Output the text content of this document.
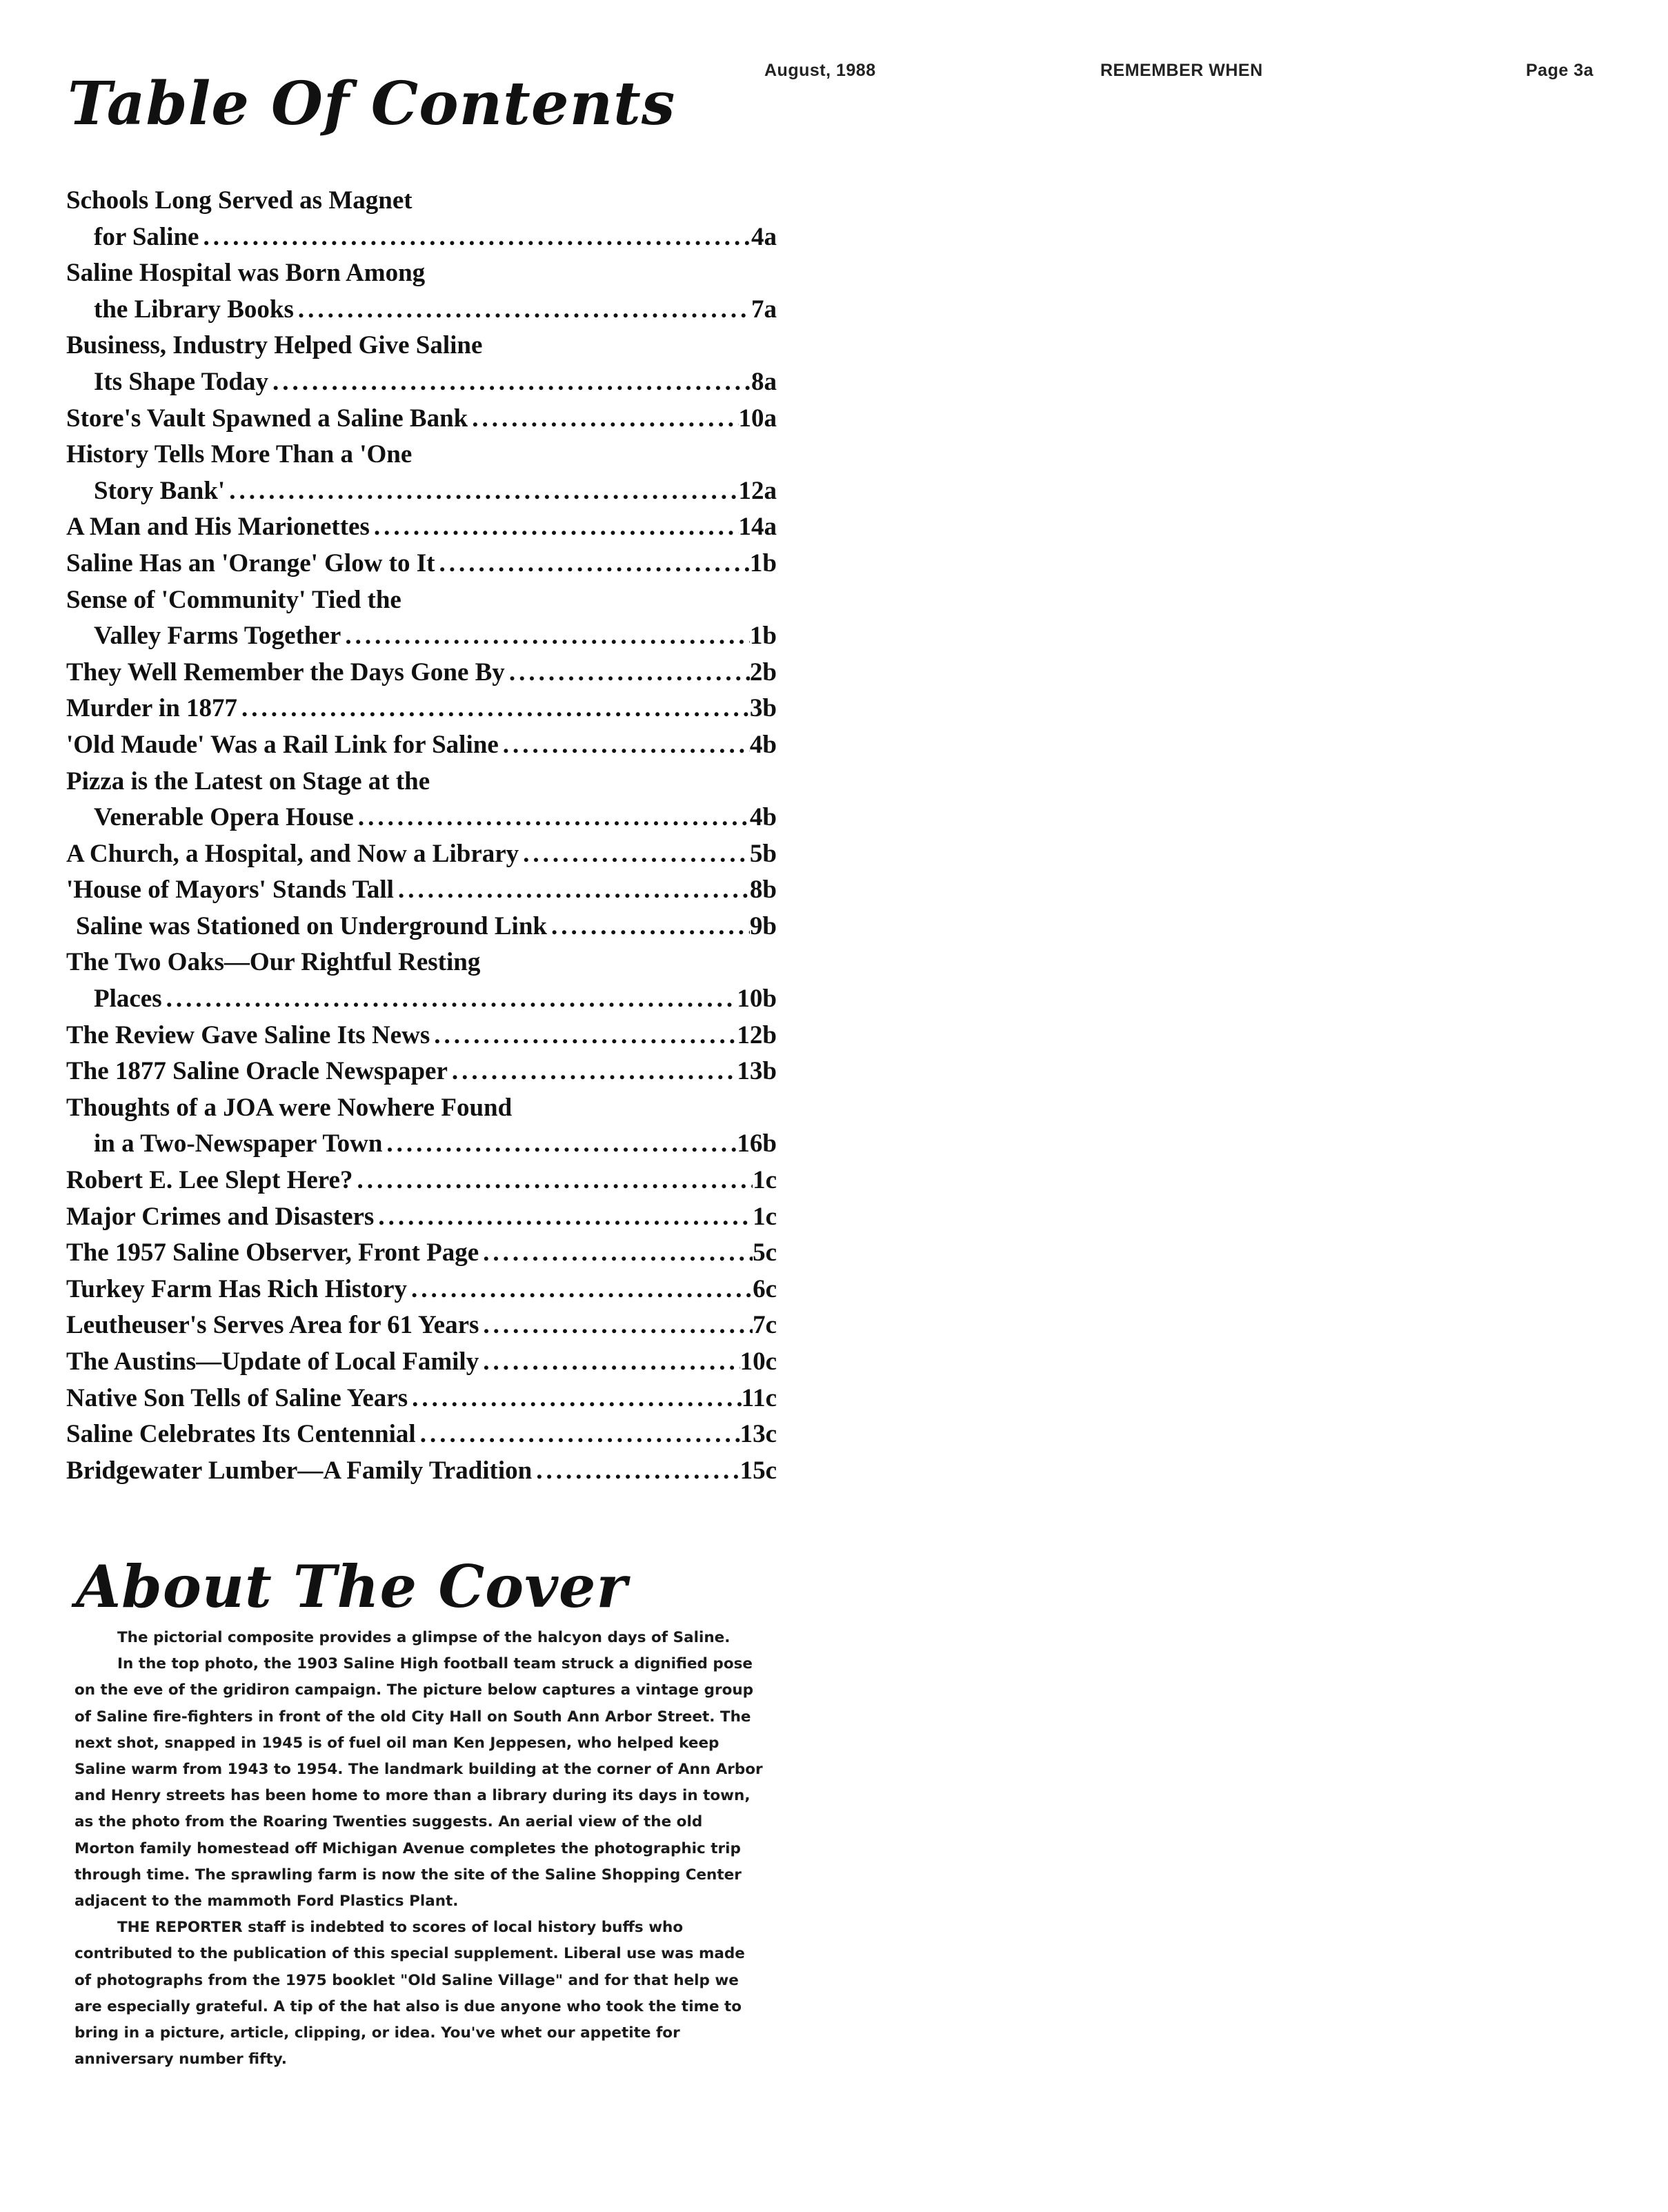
August, 1988	REMEMBER WHEN	Page 3a
Table Of Contents
Schools Long Served as Magnet
for Saline .....	4a
Saline Hospital was Born Among
the Library Books .....	7a
Business, Industry Helped Give Saline
Its Shape Today .....	8a
Store's Vault Spawned a Saline Bank .....	10a
History Tells More Than a 'One
Story Bank' .....	12a
A Man and His Marionettes .....	14a
Saline Has an 'Orange' Glow to It .....	1b
Sense of 'Community' Tied the
Valley Farms Together .....	1b
They Well Remember the Days Gone By .....	2b
Murder in 1877 .....	3b
'Old Maude' Was a Rail Link for Saline .....	4b
Pizza is the Latest on Stage at the
Venerable Opera House .....	4b
A Church, a Hospital, and Now a Library .....	5b
'House of Mayors' Stands Tall .....	8b
Saline was Stationed on Underground Link .....	9b
The Two Oaks—Our Rightful Resting
Places .....	10b
The Review Gave Saline Its News .....	12b
The 1877 Saline Oracle Newspaper .....	13b
Thoughts of a JOA were Nowhere Found
in a Two-Newspaper Town .....	16b
Robert E. Lee Slept Here? .....	1c
Major Crimes and Disasters .....	1c
The 1957 Saline Observer, Front Page .....	5c
Turkey Farm Has Rich History .....	6c
Leutheuser's Serves Area for 61 Years .....	7c
The Austins—Update of Local Family .....	10c
Native Son Tells of Saline Years .....	11c
Saline Celebrates Its Centennial .....	13c
Bridgewater Lumber—A Family Tradition .....	15c
About The Cover

The pictorial composite provides a glimpse of the halcyon days of Saline.

In the top photo, the 1903 Saline High football team struck a dignified pose on the eve of the gridiron campaign. The picture below captures a vintage group of Saline fire-fighters in front of the old City Hall on South Ann Arbor Street. The next shot, snapped in 1945 is of fuel oil man Ken Jeppesen, who helped keep Saline warm from 1943 to 1954. The landmark building at the corner of Ann Arbor and Henry streets has been home to more than a library during its days in town, as the photo from the Roaring Twenties suggests. An aerial view of the old Morton family homestead off Michigan Avenue completes the photographic trip through time. The sprawling farm is now the site of the Saline Shopping Center adjacent to the mammoth Ford Plastics Plant.

THE REPORTER staff is indebted to scores of local history buffs who contributed to the publication of this special supplement. Liberal use was made of photographs from the 1975 booklet "Old Saline Village" and for that help we are especially grateful. A tip of the hat also is due anyone who took the time to bring in a picture, article, clipping, or idea. You've whet our appetite for anniversary number fifty.
